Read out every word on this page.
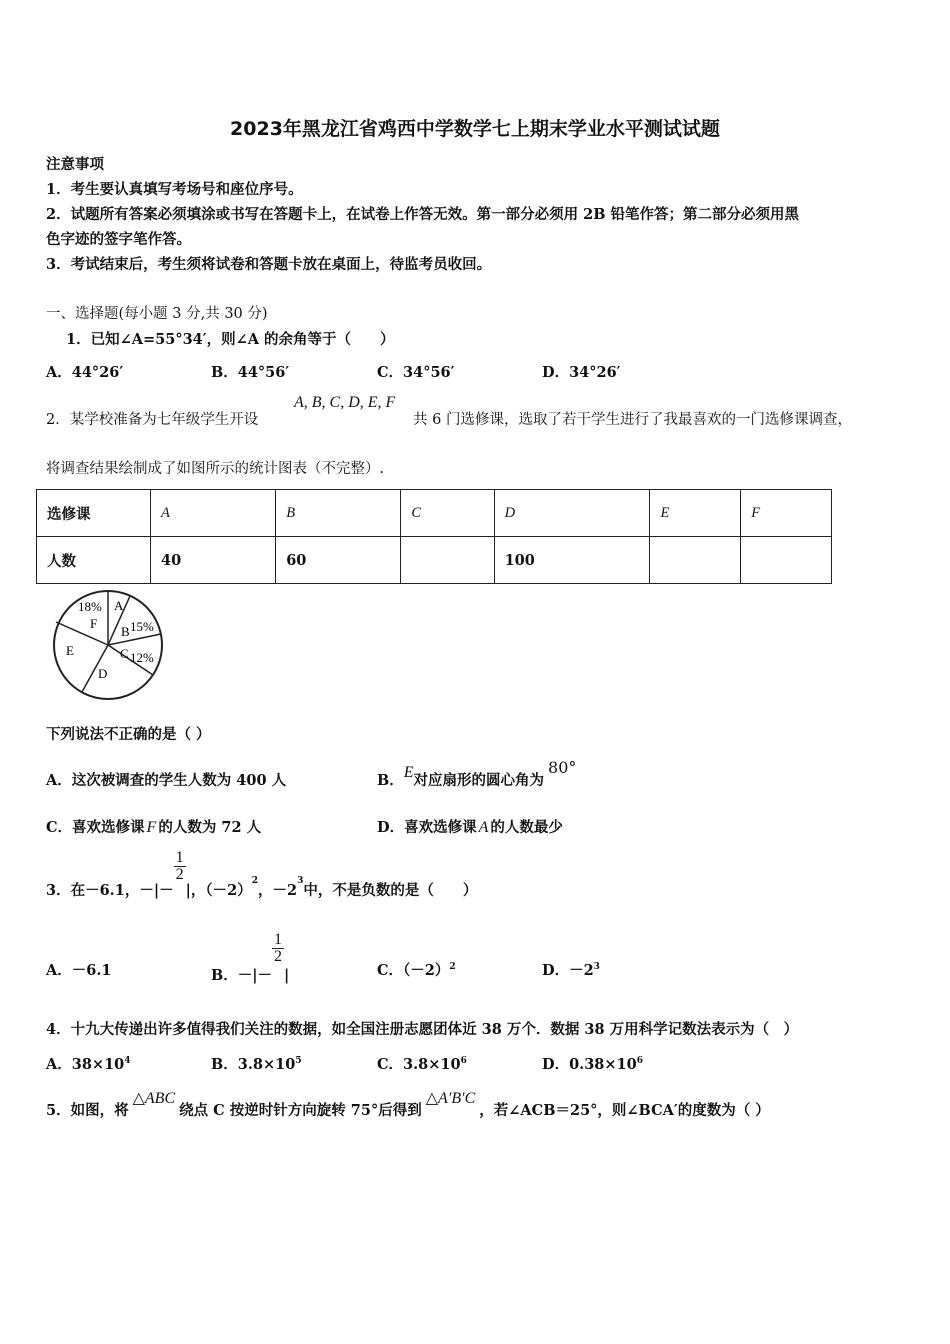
2023年黑龙江省鸡西中学数学七上期末学业水平测试试题
注意事项
1．考生要认真填写考场号和座位序号。
2．试题所有答案必须填涂或书写在答题卡上，在试卷上作答无效。第一部分必须用 2B 铅笔作答；第二部分必须用黑
色字迹的签字笔作答。
3．考试结束后，考生须将试卷和答题卡放在桌面上，待监考员收回。
一、选择题(每小题 3 分,共 30 分)
1．已知∠A=55°34′，则∠A 的余角等于（　　）
A．44°26′	B．44°56′	C．34°56′	D．34°26′
2．某学校准备为七年级学生开设
A, B, C, D, E, F
共 6 门选修课，选取了若干学生进行了我最喜欢的一门选修课调查，
将调查结果绘制成了如图所示的统计图表（不完整）.
选修课	A	B	C	D	E	F
人数	40	60		100		
A
B 15%
C 12%
D
E
18%
F
下列说法不正确的是（ ）
A．这次被调查的学生人数为 400 人	B．E对应扇形的圆心角为80°
C．喜欢选修课 F 的人数为 72 人	D．喜欢选修课 A 的人数最少
3．在－6.1，－|－
$\frac{1}{2}$
|，$(-2)^2$，$-2^3$中，不是负数的是（　　）
A．－6.1	B．－|－
$\frac{1}{2}$
|	C．$(-2)^2$	D．$-2^3$
4．十九大传递出许多值得我们关注的数据，如全国注册志愿团体近 38 万个．数据 38 万用科学记数法表示为（　）
A．$38\times 10^4$	B．$3.8\times 10^5$	C．$3.8\times 10^6$	D．$0.38\times 10^6$
5．如图，将△ABC绕点 C 按逆时针方向旋转 75°后得到△A′B′C，若∠ACB＝25°，则∠BCA′的度数为（ ）
